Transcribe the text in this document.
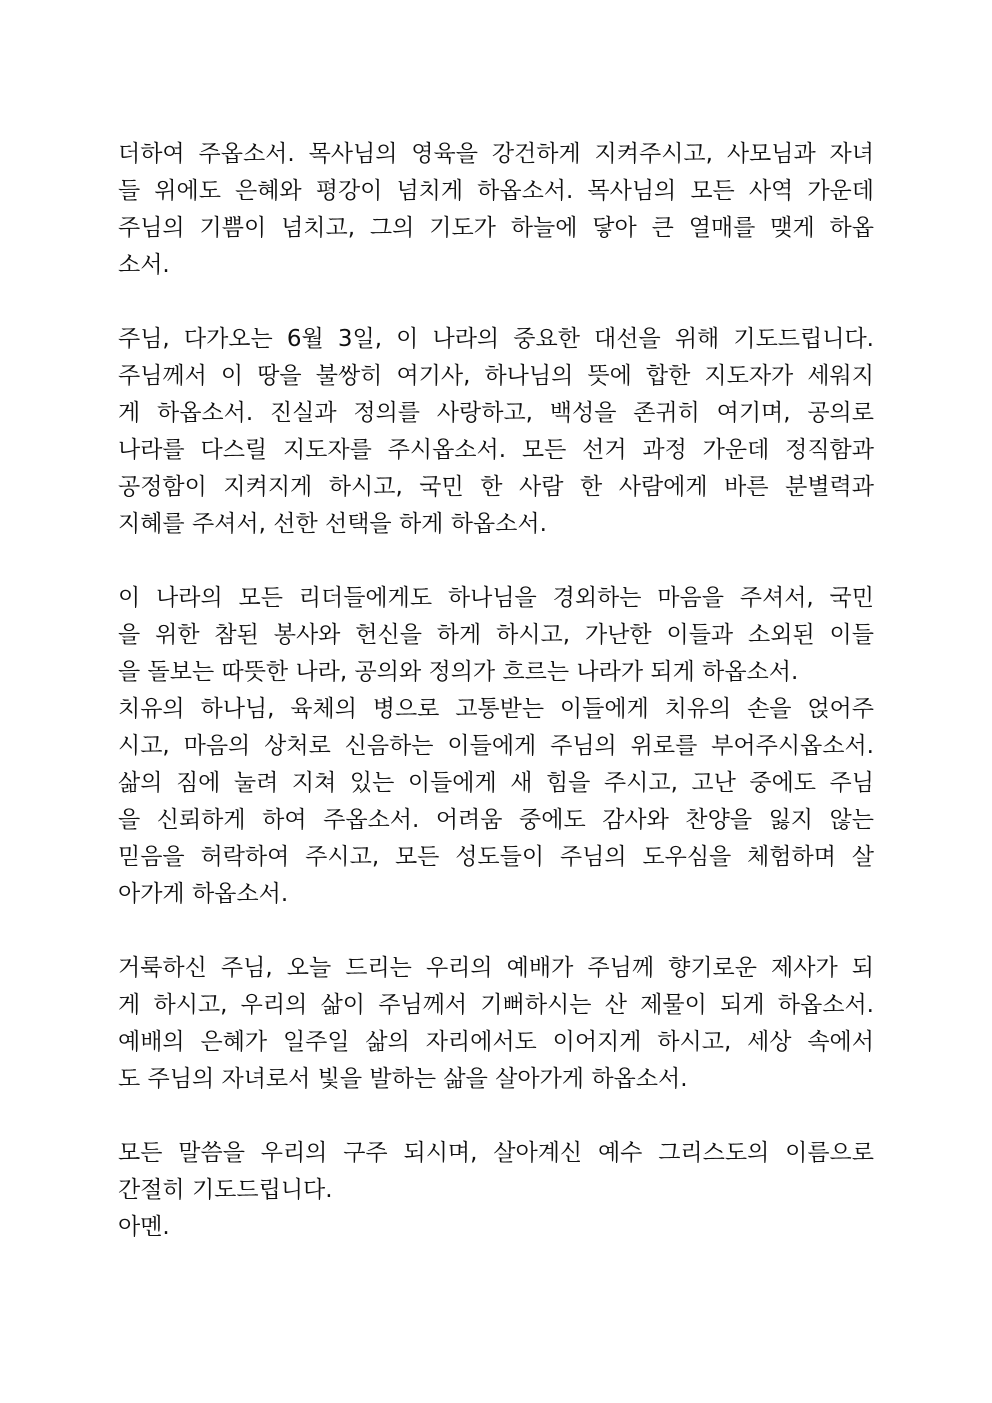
더하여 주옵소서. 목사님의 영육을 강건하게 지켜주시고, 사모님과 자녀
들 위에도 은혜와 평강이 넘치게 하옵소서. 목사님의 모든 사역 가운데
주님의 기쁨이 넘치고, 그의 기도가 하늘에 닿아 큰 열매를 맺게 하옵
소서.
주님, 다가오는 6월 3일, 이 나라의 중요한 대선을 위해 기도드립니다.
주님께서 이 땅을 불쌍히 여기사, 하나님의 뜻에 합한 지도자가 세워지
게 하옵소서. 진실과 정의를 사랑하고, 백성을 존귀히 여기며, 공의로
나라를 다스릴 지도자를 주시옵소서. 모든 선거 과정 가운데 정직함과
공정함이 지켜지게 하시고, 국민 한 사람 한 사람에게 바른 분별력과
지혜를 주셔서, 선한 선택을 하게 하옵소서.
이 나라의 모든 리더들에게도 하나님을 경외하는 마음을 주셔서, 국민
을 위한 참된 봉사와 헌신을 하게 하시고, 가난한 이들과 소외된 이들
을 돌보는 따뜻한 나라, 공의와 정의가 흐르는 나라가 되게 하옵소서.
치유의 하나님, 육체의 병으로 고통받는 이들에게 치유의 손을 얹어주
시고, 마음의 상처로 신음하는 이들에게 주님의 위로를 부어주시옵소서.
삶의 짐에 눌려 지쳐 있는 이들에게 새 힘을 주시고, 고난 중에도 주님
을 신뢰하게 하여 주옵소서. 어려움 중에도 감사와 찬양을 잃지 않는
믿음을 허락하여 주시고, 모든 성도들이 주님의 도우심을 체험하며 살
아가게 하옵소서.
거룩하신 주님, 오늘 드리는 우리의 예배가 주님께 향기로운 제사가 되
게 하시고, 우리의 삶이 주님께서 기뻐하시는 산 제물이 되게 하옵소서.
예배의 은혜가 일주일 삶의 자리에서도 이어지게 하시고, 세상 속에서
도 주님의 자녀로서 빛을 발하는 삶을 살아가게 하옵소서.
모든 말씀을 우리의 구주 되시며, 살아계신 예수 그리스도의 이름으로
간절히 기도드립니다.
아멘.
